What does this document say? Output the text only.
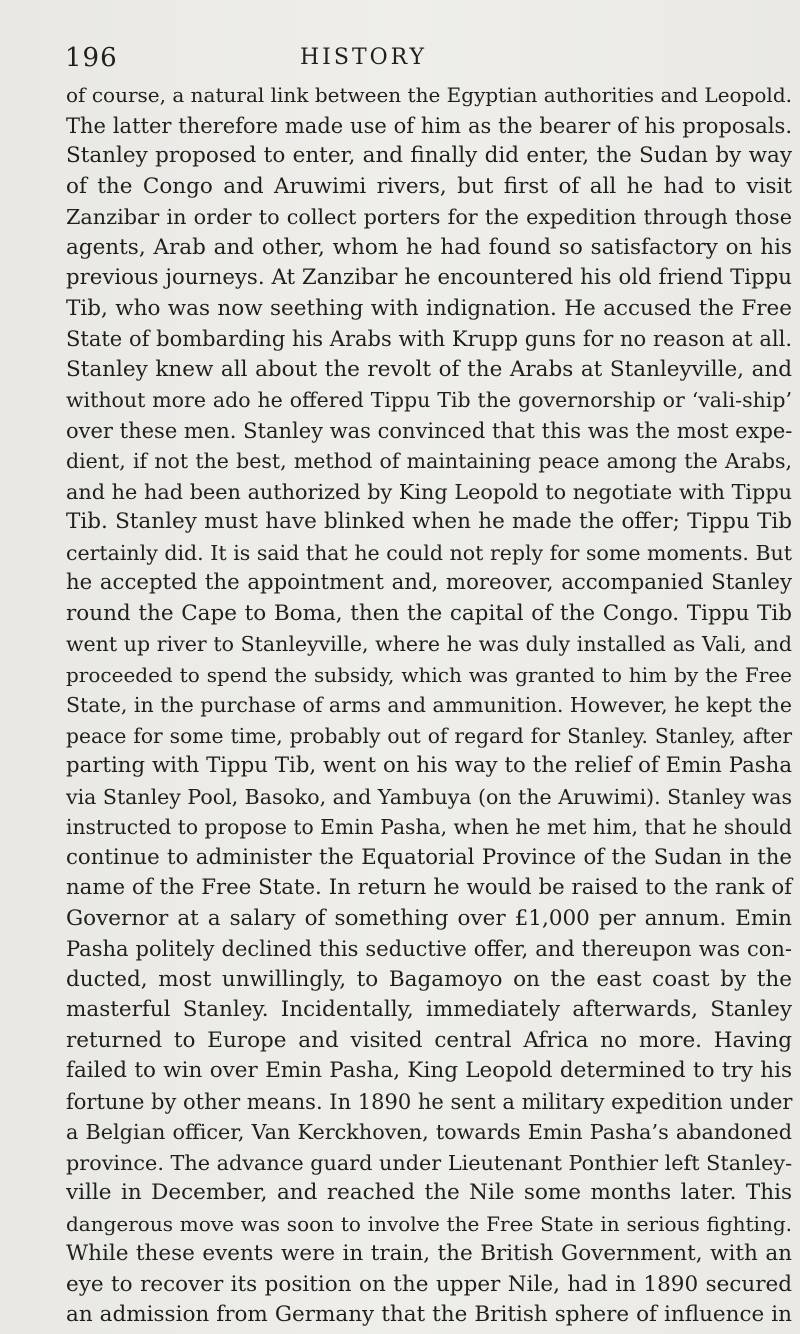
196	HISTORY
of course, a natural link between the Egyptian authorities and Leopold.
The latter therefore made use of him as the bearer of his proposals.
Stanley proposed to enter, and finally did enter, the Sudan by way
of the Congo and Aruwimi rivers, but first of all he had to visit
Zanzibar in order to collect porters for the expedition through those
agents, Arab and other, whom he had found so satisfactory on his
previous journeys. At Zanzibar he encountered his old friend Tippu
Tib, who was now seething with indignation. He accused the Free
State of bombarding his Arabs with Krupp guns for no reason at all.
Stanley knew all about the revolt of the Arabs at Stanleyville, and
without more ado he offered Tippu Tib the governorship or ‘vali-ship’
over these men. Stanley was convinced that this was the most expe-
dient, if not the best, method of maintaining peace among the Arabs,
and he had been authorized by King Leopold to negotiate with Tippu
Tib. Stanley must have blinked when he made the offer; Tippu Tib
certainly did. It is said that he could not reply for some moments. But
he accepted the appointment and, moreover, accompanied Stanley
round the Cape to Boma, then the capital of the Congo. Tippu Tib
went up river to Stanleyville, where he was duly installed as Vali, and
proceeded to spend the subsidy, which was granted to him by the Free
State, in the purchase of arms and ammunition. However, he kept the
peace for some time, probably out of regard for Stanley. Stanley, after
parting with Tippu Tib, went on his way to the relief of Emin Pasha
via Stanley Pool, Basoko, and Yambuya (on the Aruwimi). Stanley was
instructed to propose to Emin Pasha, when he met him, that he should
continue to administer the Equatorial Province of the Sudan in the
name of the Free State. In return he would be raised to the rank of
Governor at a salary of something over £1,000 per annum. Emin
Pasha politely declined this seductive offer, and thereupon was con-
ducted, most unwillingly, to Bagamoyo on the east coast by the
masterful Stanley. Incidentally, immediately afterwards, Stanley
returned to Europe and visited central Africa no more. Having
failed to win over Emin Pasha, King Leopold determined to try his
fortune by other means. In 1890 he sent a military expedition under
a Belgian officer, Van Kerckhoven, towards Emin Pasha’s abandoned
province. The advance guard under Lieutenant Ponthier left Stanley-
ville in December, and reached the Nile some months later. This
dangerous move was soon to involve the Free State in serious fighting.
While these events were in train, the British Government, with an
eye to recover its position on the upper Nile, had in 1890 secured
an admission from Germany that the British sphere of influence in
